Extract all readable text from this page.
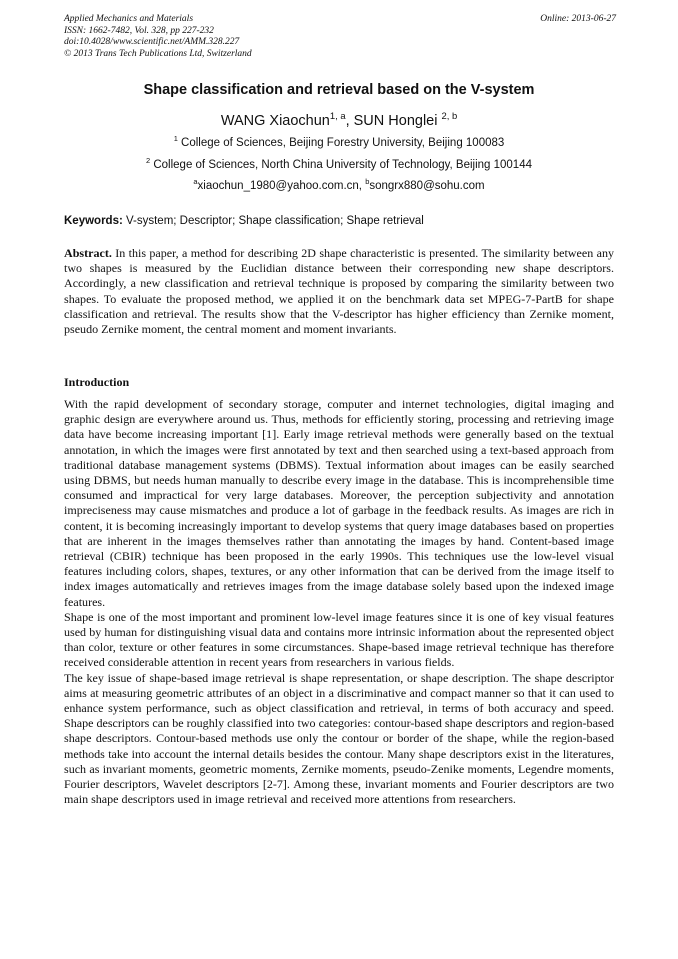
Applied Mechanics and Materials
ISSN: 1662-7482, Vol. 328, pp 227-232
doi:10.4028/www.scientific.net/AMM.328.227
© 2013 Trans Tech Publications Ltd, Switzerland
Online: 2013-06-27
Shape classification and retrieval based on the V-system
WANG Xiaochun$^{1, a}$, SUN Honglei $^{2, b}$
$^1$ College of Sciences, Beijing Forestry University, Beijing 100083
$^2$ College of Sciences, North China University of Technology, Beijing 100144
$^a$xiaochun_1980@yahoo.com.cn, $^b$songrx880@sohu.com
Keywords: V-system; Descriptor; Shape classification; Shape retrieval
Abstract. In this paper, a method for describing 2D shape characteristic is presented. The similarity between any two shapes is measured by the Euclidian distance between their corresponding new shape descriptors. Accordingly, a new classification and retrieval technique is proposed by comparing the similarity between two shapes. To evaluate the proposed method, we applied it on the benchmark data set MPEG-7-PartB for shape classification and retrieval. The results show that the V-descriptor has higher efficiency than Zernike moment, pseudo Zernike moment, the central moment and moment invariants.
Introduction

With the rapid development of secondary storage, computer and internet technologies, digital imaging and graphic design are everywhere around us. Thus, methods for efficiently storing, processing and retrieving image data have become increasing important [1]. Early image retrieval methods were generally based on the textual annotation, in which the images were first annotated by text and then searched using a text-based approach from traditional database management systems (DBMS). Textual information about images can be easily searched using DBMS, but needs human manually to describe every image in the database. This is incomprehensible time consumed and impractical for very large databases. Moreover, the perception subjectivity and annotation impreciseness may cause mismatches and produce a lot of garbage in the feedback results. As images are rich in content, it is becoming increasingly important to develop systems that query image databases based on properties that are inherent in the images themselves rather than annotating the images by hand. Content-based image retrieval (CBIR) technique has been proposed in the early 1990s. This techniques use the low-level visual features including colors, shapes, textures, or any other information that can be derived from the image itself to index images automatically and retrieves images from the image database solely based upon the indexed image features.

Shape is one of the most important and prominent low-level image features since it is one of key visual features used by human for distinguishing visual data and contains more intrinsic information about the represented object than color, texture or other features in some circumstances. Shape-based image retrieval technique has therefore received considerable attention in recent years from researchers in various fields.

The key issue of shape-based image retrieval is shape representation, or shape description. The shape descriptor aims at measuring geometric attributes of an object in a discriminative and compact manner so that it can used to enhance system performance, such as object classification and retrieval, in terms of both accuracy and speed. Shape descriptors can be roughly classified into two categories: contour-based shape descriptors and region-based shape descriptors. Contour-based methods use only the contour or border of the shape, while the region-based methods take into account the internal details besides the contour. Many shape descriptors exist in the literatures, such as invariant moments, geometric moments, Zernike moments, pseudo-Zenike moments, Legendre moments, Fourier descriptors, Wavelet descriptors [2-7]. Among these, invariant moments and Fourier descriptors are two main shape descriptors used in image retrieval and received more attentions from researchers.
